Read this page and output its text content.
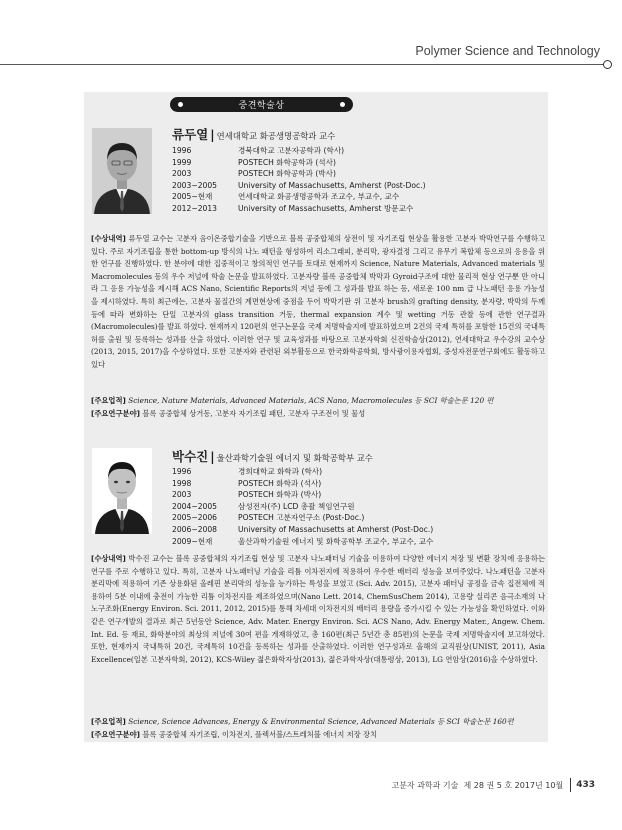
Polymer Science and Technology
중견학술상
류두열 | 연세대학교 화공생명공학과 교수
1996	경북대학교 고분자공학과 (학사)
1999	POSTECH 화학공학과 (석사)
2003	POSTECH 화학공학과 (박사)
2003~2005	University of Massachusetts, Amherst (Post-Doc.)
2005~현재	연세대학교 화공생명공학과 조교수, 부교수, 교수
2012~2013	University of Massachusetts, Amherst 방문교수

[수상내역] 류두열 교수는 고분자 음이온중합기술을 기반으로 블록 공중합체의 상전이 및 자기조립 현상을 활용한 고분자 박막연구를 수행하고 있다. 주로 자기조립을 통한 bottom-up 방식의 나노 패턴을 형성하여 리소그래피, 분리막, 광자결정 그리고 유무기 복합체 등으로의 응용을 위한 연구를 진행하였다. 한 분야에 대한 집중적이고 창의적인 연구를 토대로 현재까지 Science, Nature Materials, Advanced materials 및 Macromolecules 등의 우수 저널에 학술 논문을 발표하였다. 고분자량 블록 공중합체 박막과 Gyroid구조에 대한 물리적 현상 연구뿐 만 아니라 그 응용 가능성을 제시해 ACS Nano, Scientific Reports의 저널 등에 그 성과를 발표 하는 등, 새로운 100 nm 급 나노패턴 응용 가능성을 제시하였다. 특히 최근에는, 고분자 물질간의 계면현상에 중점을 두어 박막기판 위 고분자 brush의 grafting density, 분자량, 박막의 두께 등에 따라 변화하는 단일 고분자의 glass transition 거동, thermal expansion 계수 및 wetting 거동 관찰 등에 관한 연구결과(Macromolecules)를 발표 하였다. 현재까지 120편의 연구논문을 국제 저명학술지에 발표하였으며 2건의 국제 특허를 포함한 15건의 국내특허를 출원 및 등록하는 성과를 산출 하였다. 이러한 연구 및 교육성과를 바탕으로 고분자학회 신진학술상(2012), 연세대학교 우수강의 교수상(2013, 2015, 2017)을 수상하였다. 또한 고분자와 관련된 외부활동으로 한국화학공학회, 방사광이용자협회, 중성자전문연구회에도 활동하고 있다

[주요업적] Science, Nature Materials, Advanced Materials, ACS Nano, Macromolecules 등 SCI 학술논문 120 편
[주요연구분야] 블록 공중합체 상거동, 고분자 자기조립 패턴, 고분자 구조전이 및 물성
박수진 | 울산과학기술원 에너지 및 화학공학부 교수
1996	경희대학교 화학과 (학사)
1998	POSTECH 화학과 (석사)
2003	POSTECH 화학과 (박사)
2004~2005	삼성전자(주) LCD 총괄 책임연구원
2005~2006	POSTECH 고분자연구소 (Post-Doc.)
2006~2008	University of Massachusetts at Amherst (Post-Doc.)
2009~현재	울산과학기술원 에너지 및 화학공학부 조교수, 부교수, 교수

[수상내역] 박수진 교수는 블록 공중합체의 자기조립 현상 및 고분자 나노패터닝 기술을 이용하여 다양한 에너지 저장 및 변환 장치에 응용하는 연구를 주로 수행하고 있다. 특히, 고분자 나노패터닝 기술을 리튬 이차전지에 적용하여 우수한 배터리 성능을 보여주었다. 나노패턴을 고분자 분리막에 적용하여 기존 상용화된 올레핀 분리막의 성능을 능가하는 특성을 보였고 (Sci. Adv. 2015), 고분자 패터닝 공정을 금속 집전체에 적용하여 5분 이내에 충전이 가능한 리튬 이차전지를 제조하였으며(Nano Lett. 2014, ChemSusChem 2014), 고용량 실리콘 음극소재의 나노구조화(Energy Environ. Sci. 2011, 2012, 2015)를 통해 차세대 이차전지의 배터리 용량을 증가시킬 수 있는 가능성을 확인하였다. 이와 같은 연구개발의 결과로 최근 5년동안 Science, Adv. Mater. Energy Environ. Sci. ACS Nano, Adv. Energy Mater., Angew. Chem. Int. Ed. 등 재료, 화학분야의 최상의 저널에 30여 편을 게재하였고, 총 160편(최근 5년간 총 85편)의 논문을 국제 저명학술지에 보고하였다. 또한, 현재까지 국내특허 20건, 국제특허 10건을 등록하는 성과를 산출하였다. 이러한 연구성과로 올해의 교직원상(UNIST, 2011), Asia Excellence(일본 고분자학회, 2012), KCS-Wiley 젊은화학자상(2013), 젊은과학자상(대통령상, 2013), LG 연암상(2016)을 수상하였다.

[주요업적] Science, Science Advances, Energy & Environmental Science, Advanced Materials 등 SCI 학술논문 160편
[주요연구분야] 블록 공중합체 자기조립, 이차전지, 플렉서블/스트레처블 에너지 저장 장치
고분자 과학과 기술
제 28 권 5 호 2017년 10월 433
